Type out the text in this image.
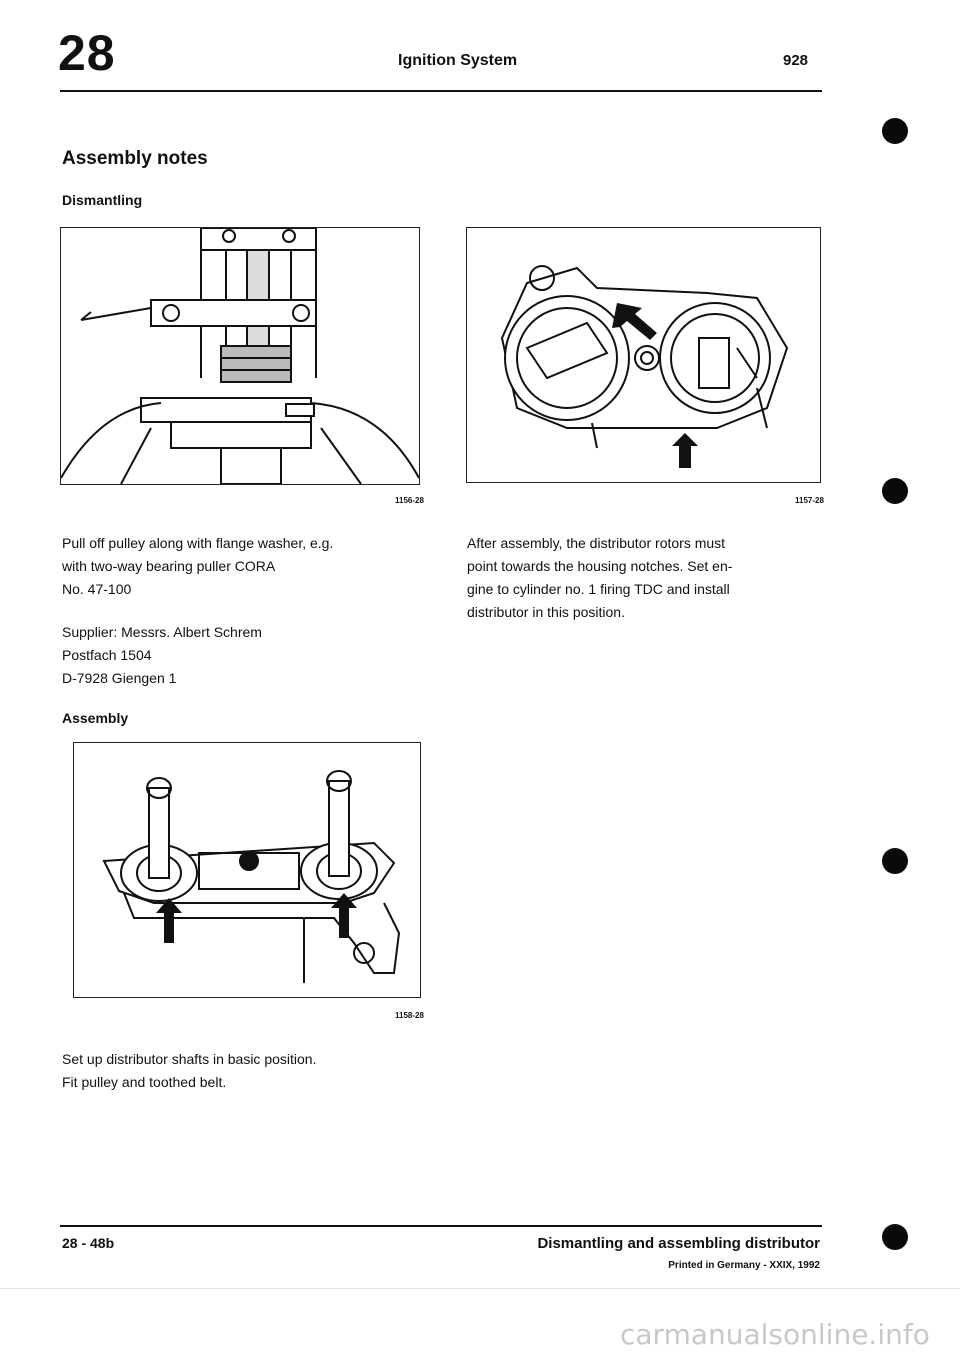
28	Ignition System	928
Assembly notes
Dismantling
1156-28
Pull off pulley along with flange washer, e.g.
with two-way bearing puller CORA
No. 47-100
Supplier: Messrs. Albert Schrem
Postfach 1504
D-7928 Giengen 1
Assembly
1158-28
Set up distributor shafts in basic position.
Fit pulley and toothed belt.
1157-28
After assembly, the distributor rotors must
point towards the housing notches. Set en-
gine to cylinder no. 1 firing TDC and install
distributor in this position.
28 - 48b	Dismantling and assembling distributor
Printed in Germany - XXIX, 1992
carmanualsonline.info
